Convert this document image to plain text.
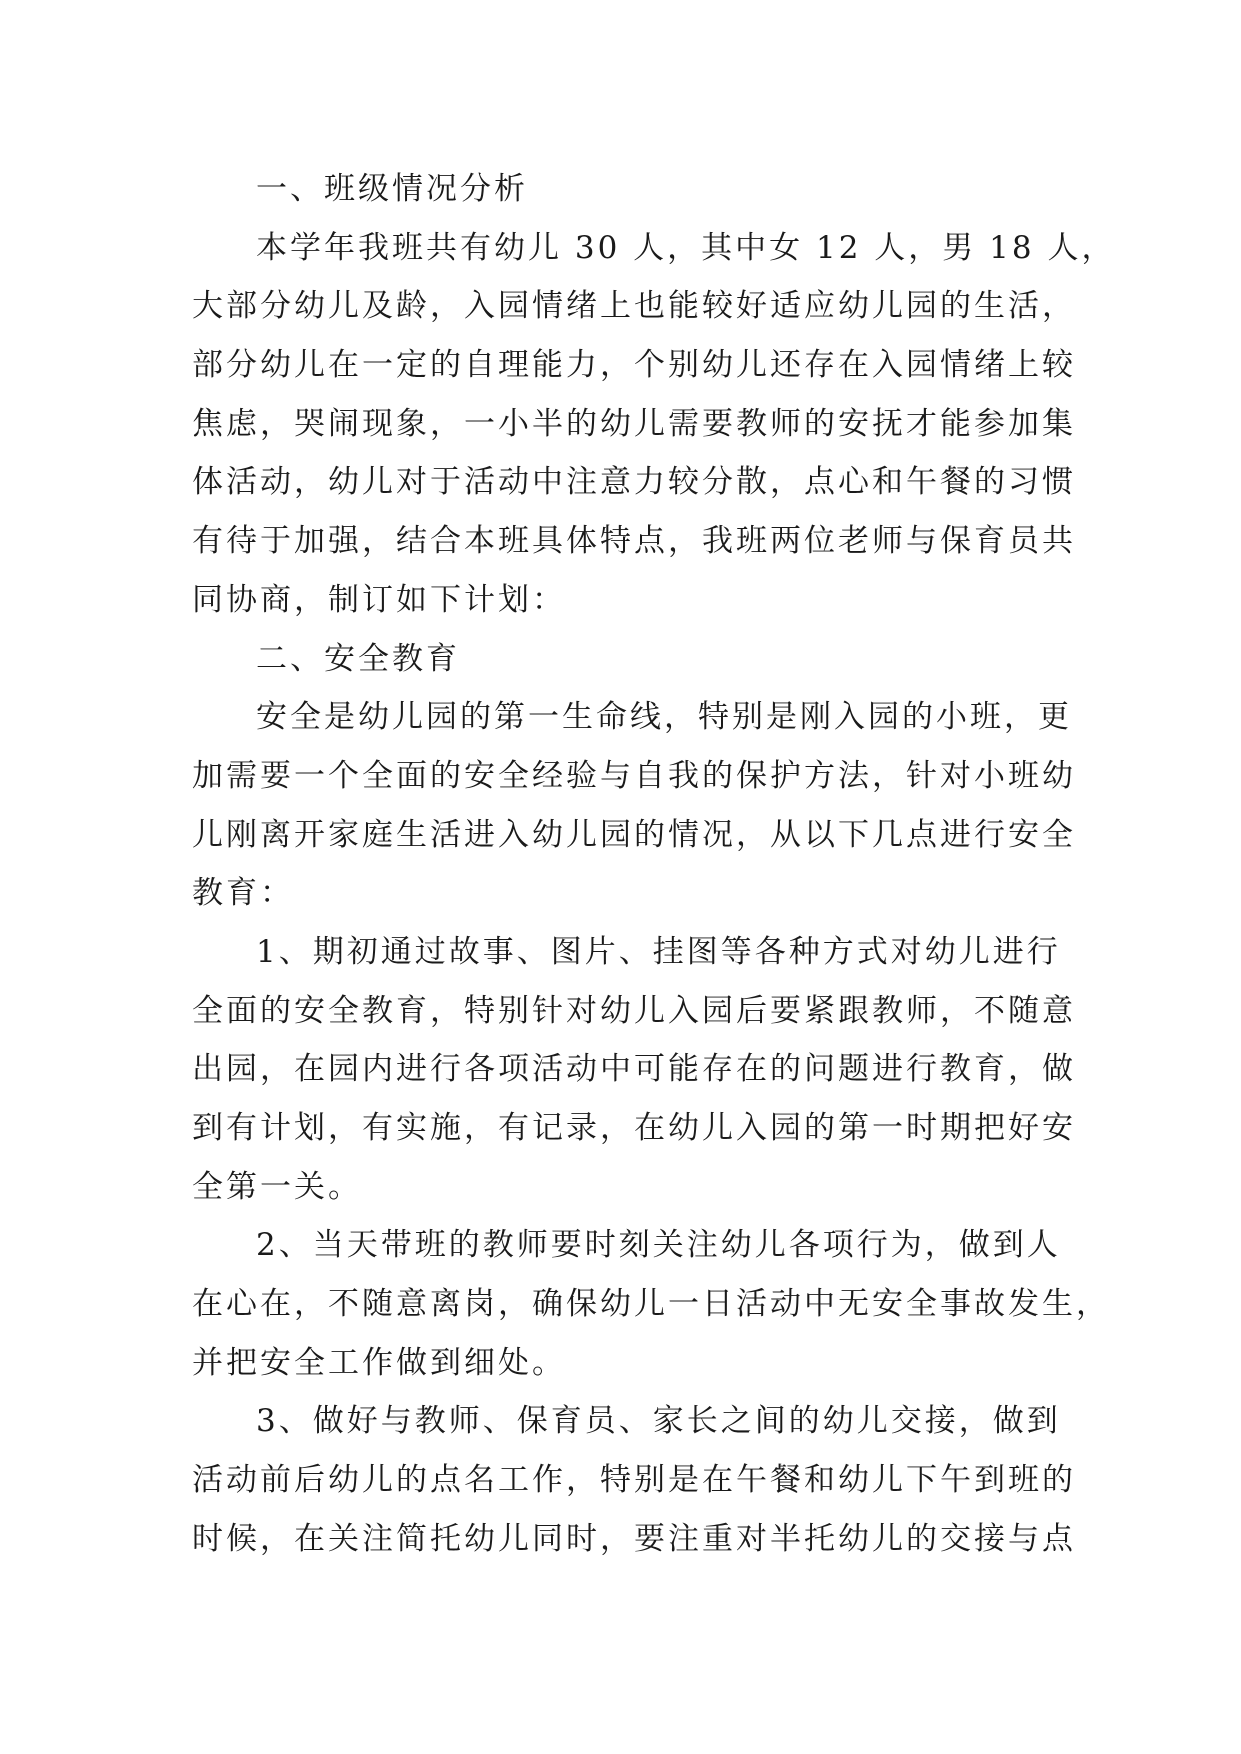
一、班级情况分析
本学年我班共有幼儿 30 人，其中女 12 人，男 18 人，
大部分幼儿及龄，入园情绪上也能较好适应幼儿园的生活，
部分幼儿在一定的自理能力，个别幼儿还存在入园情绪上较
焦虑，哭闹现象，一小半的幼儿需要教师的安抚才能参加集
体活动，幼儿对于活动中注意力较分散，点心和午餐的习惯
有待于加强，结合本班具体特点，我班两位老师与保育员共
同协商，制订如下计划：
二、安全教育
安全是幼儿园的第一生命线，特别是刚入园的小班，更
加需要一个全面的安全经验与自我的保护方法，针对小班幼
儿刚离开家庭生活进入幼儿园的情况，从以下几点进行安全
教育：
1、期初通过故事、图片、挂图等各种方式对幼儿进行
全面的安全教育，特别针对幼儿入园后要紧跟教师，不随意
出园，在园内进行各项活动中可能存在的问题进行教育，做
到有计划，有实施，有记录，在幼儿入园的第一时期把好安
全第一关。
2、当天带班的教师要时刻关注幼儿各项行为，做到人
在心在，不随意离岗，确保幼儿一日活动中无安全事故发生，
并把安全工作做到细处。
3、做好与教师、保育员、家长之间的幼儿交接，做到
活动前后幼儿的点名工作，特别是在午餐和幼儿下午到班的
时候，在关注简托幼儿同时，要注重对半托幼儿的交接与点
